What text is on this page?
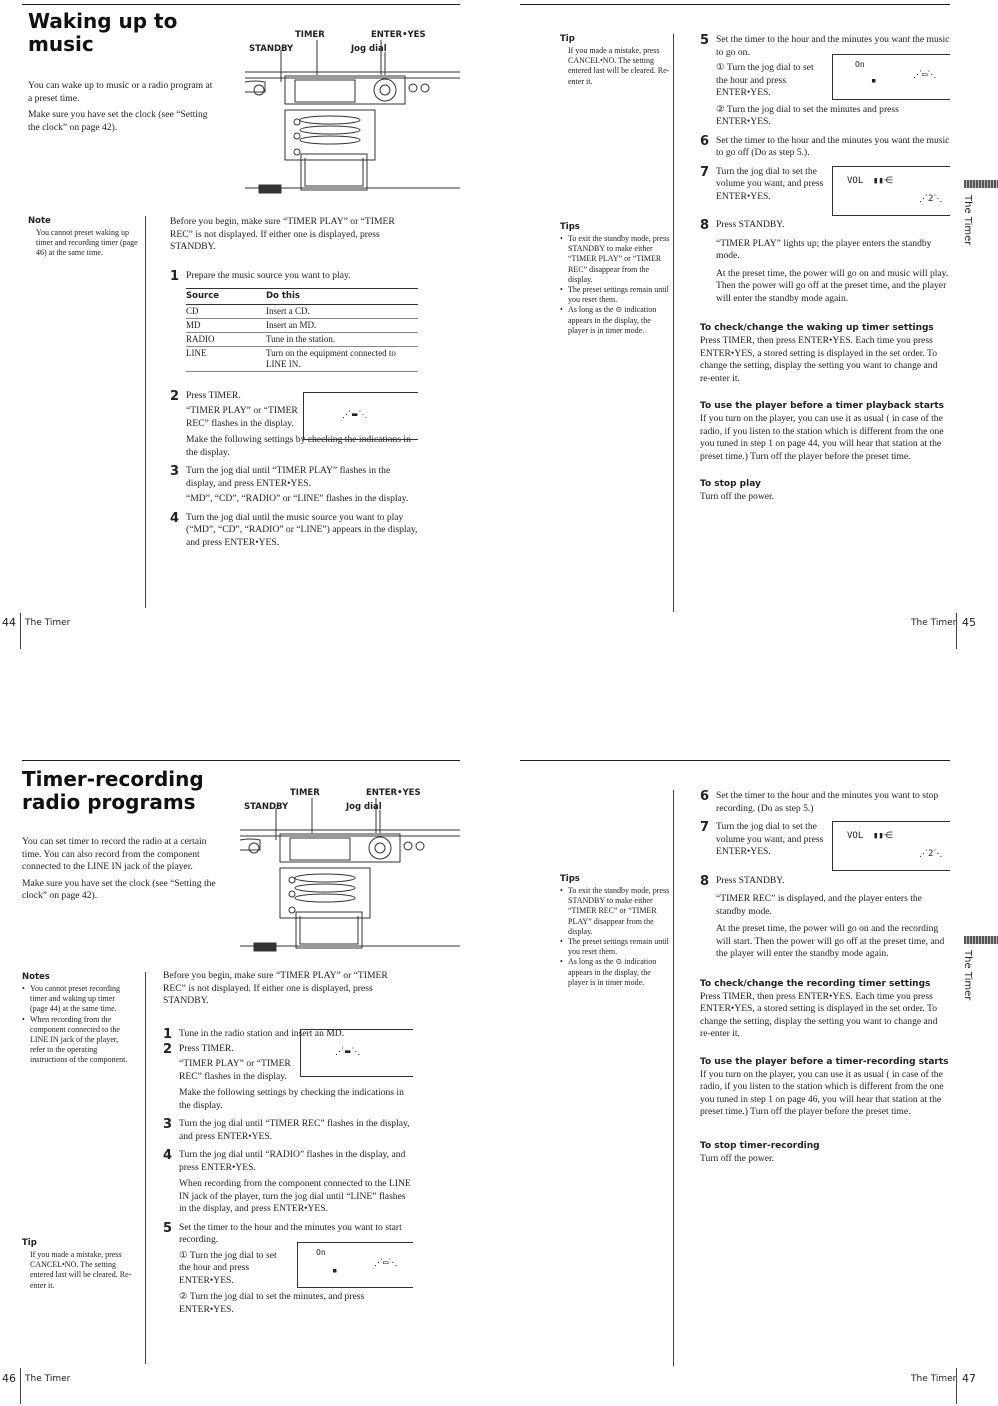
Waking up to
music

You can wake up to music or a radio program at a preset time.

Make sure you have set the clock (see “Setting the clock” on page 42).

TIMER	ENTER•YES
STANDBY	Jog dial
Note
You cannot preset waking up timer and recording timer (page 46) at the same time.

Before you begin, make sure “TIMER PLAY” or “TIMER REC” is not displayed. If either one is displayed, press STANDBY.

1 Prepare the music source you want to play.

Source	Do this
CD	Insert a CD.
MD	Insert an MD.
RADIO	Tune in the station.
LINE	Turn on the equipment connected to LINE IN.
2 Press TIMER.

“TIMER PLAY” or “TIMER REC” flashes in the display.

Make the following settings by checking the indications in the display.

⋰▬⋱
3 Turn the jog dial until “TIMER PLAY” flashes in the display, and press ENTER•YES.

“MD”, “CD”, “RADIO” or “LINE” flashes in the display.

4 Turn the jog dial until the music source you want to play (“MD”, “CD”, “RADIO” or “LINE”) appears in the display, and press ENTER•YES.

44 The Timer
Tip
If you made a mistake, press CANCEL•NO. The setting entered last will be cleared. Re-enter it.
Tips
• To exit the standby mode, press STANDBY to make either “TIMER PLAY” or “TIMER REC” disappear from the display.
• The preset settings remain until you reset them.
• As long as the ⊙ indication appears in the display, the player is in timer mode.
5 Set the timer to the hour and the minutes you want the music to go on.

① Turn the jog dial to set the hour and press ENTER•YES.

② Turn the jog dial to set the minutes and press ENTER•YES.

On
▪
⋰▭⋱
6 Set the timer to the hour and the minutes you want the music to go off (Do as step 5.).

7 Turn the jog dial to set the volume you want, and press ENTER•YES.

VOL ▮▮⋲
⋰2⋱
8 Press STANDBY.

“TIMER PLAY” lights up; the player enters the standby mode.

At the preset time, the power will go on and music will play. Then the power will go off at the preset time, and the player will enter the standby mode again.

To check/change the waking up timer settings

Press TIMER, then press ENTER•YES. Each time you press ENTER•YES, a stored setting is displayed in the set order. To change the setting, display the setting you want to change and re-enter it.

To use the player before a timer playback starts

If you turn on the player, you can use it as usual ( in case of the radio, if you listen to the station which is different from the one you tuned in step 1 on page 44, you will hear that station at the preset time.) Turn off the player before the preset time.

To stop play

Turn off the power.

The Timer
The Timer 45
Timer-recording
radio programs

You can set timer to record the radio at a certain time. You can also record from the component connected to the LINE IN jack of the player.

Make sure you have set the clock (see “Setting the clock” on page 42).

TIMER	ENTER•YES
STANDBY	Jog dial
Notes
• You cannot preset recording timer and waking up timer (page 44) at the same time.
• When recording from the component connected to the LINE IN jack of the player, refer to the operating instructions of the component.
Tip
If you made a mistake, press CANCEL•NO. The setting entered last will be cleared. Re-enter it.

Before you begin, make sure “TIMER PLAY” or “TIMER REC” is not displayed. If either one is displayed, press STANDBY.

1 Tune in the radio station and insert an MD.

2 Press TIMER.

“TIMER PLAY” or “TIMER REC” flashes in the display.

Make the following settings by checking the indications in the display.

⋰▬⋱
3 Turn the jog dial until “TIMER REC” flashes in the display, and press ENTER•YES.

4 Turn the jog dial until “RADIO” flashes in the display, and press ENTER•YES.

When recording from the component connected to the LINE IN jack of the player, turn the jog dial until “LINE” flashes in the display, and press ENTER•YES.

5 Set the timer to the hour and the minutes you want to start recording.

① Turn the jog dial to set the hour and press ENTER•YES.

② Turn the jog dial to set the minutes, and press ENTER•YES.

On
▪
⋰▭⋱
46 The Timer
Tips
• To exit the standby mode, press STANDBY to make either “TIMER REC” or “TIMER PLAY” disappear from the display.
• The preset settings remain until you reset them.
• As long as the ⊙ indication appears in the display, the player is in timer mode.
6 Set the timer to the hour and the minutes you want to stop recording. (Do as step 5.)

7 Turn the jog dial to set the volume you want, and press ENTER•YES.

VOL ▮▮⋲
⋰2⋱
8 Press STANDBY.

“TIMER REC” is displayed, and the player enters the standby mode.

At the preset time, the power will go on and the recording will start. Then the power will go off at the preset time, and the player will enter the standby mode again.

To check/change the recording timer settings

Press TIMER, then press ENTER•YES. Each time you press ENTER•YES, a stored setting is displayed in the set order. To change the setting, display the setting you want to change and re-enter it.

To use the player before a timer-recording starts

If you turn on the player, you can use it as usual ( in case of the radio, if you listen to the station which is different from the one you tuned in step 1 on page 46, you will hear that station at the preset time.) Turn off the player before the preset time.

To stop timer-recording

Turn off the power.

The Timer
The Timer 47
